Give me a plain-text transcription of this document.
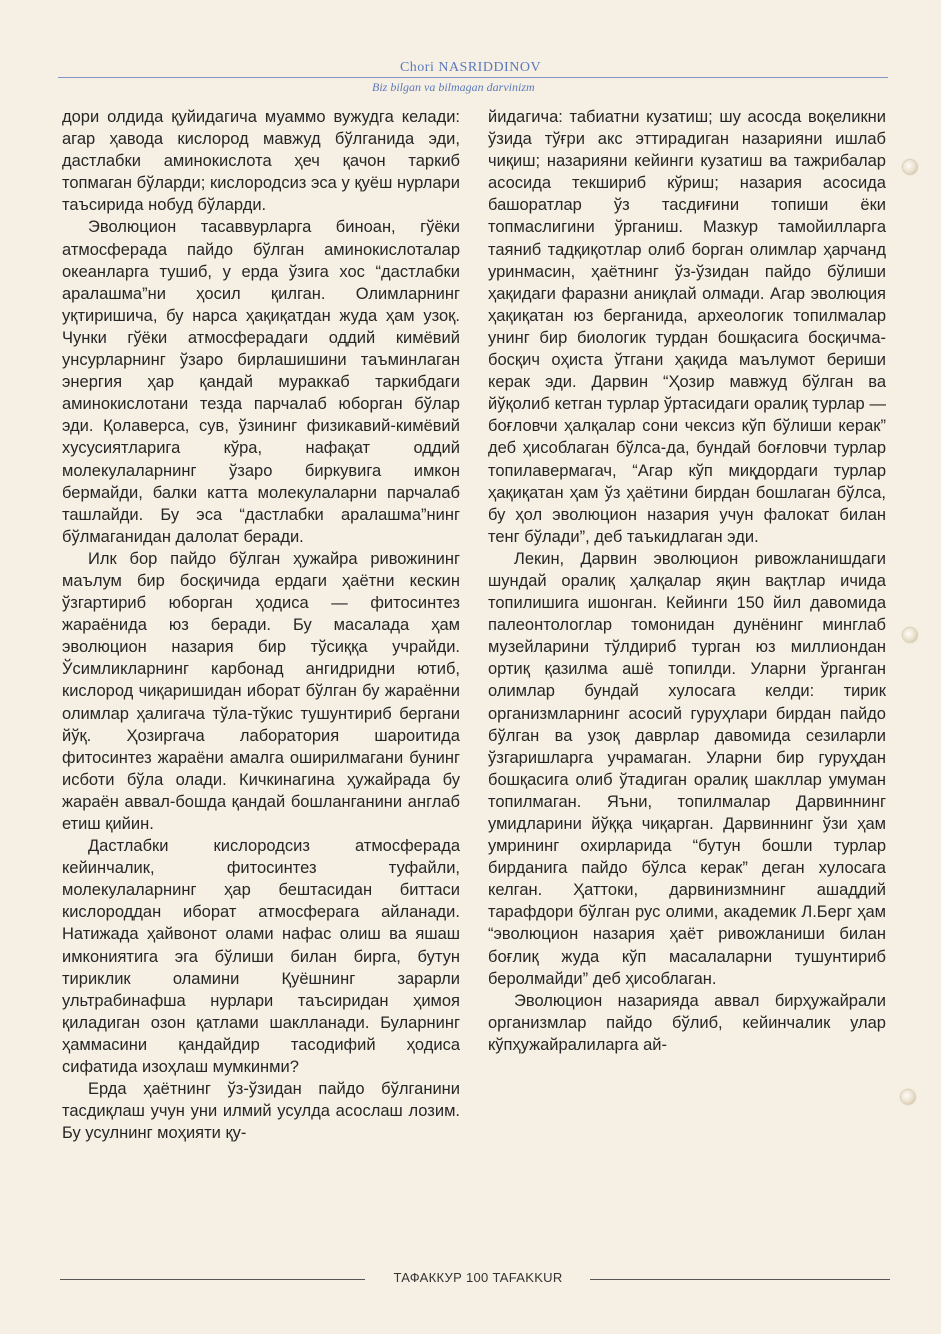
Chori NASRIDDINOV
Biz bilgan va bilmagan darvinizm

дори олдида қуйидагича муаммо вужудга келади: агар ҳавода кислород мавжуд бўлганида эди, дастлабки аминокислота ҳеч қачон таркиб топмаган бўларди; кислородсиз эса у қуёш нурлари таъсирида нобуд бўларди.

Эволюцион тасаввурларга биноан, гўёки атмосферада пайдо бўлган аминокислоталар океанларга тушиб, у ерда ўзига хос “дастлабки аралашма”ни ҳосил қилган. Олимларнинг уқтиришича, бу нарса ҳақиқатдан жуда ҳам узоқ. Чунки гўёки атмосферадаги оддий кимёвий унсурларнинг ўзаро бирлашишини таъминлаган энергия ҳар қандай мураккаб таркибдаги аминокислотани тезда парчалаб юборган бўлар эди. Қолаверса, сув, ўзининг физикавий-кимёвий хусусиятларига кўра, нафақат оддий молекулаларнинг ўзаро биркувига имкон бермайди, балки катта молекулаларни парчалаб ташлайди. Бу эса “дастлабки аралашма”нинг бўлмаганидан далолат беради.

Илк бор пайдо бўлган ҳужайра ривожининг маълум бир босқичида ердаги ҳаётни кескин ўзгартириб юборган ҳодиса — фитосинтез жараёнида юз беради. Бу масалада ҳам эволюцион назария бир тўсиққа учрайди. Ўсимликларнинг карбонад ангидридни ютиб, кислород чиқаришидан иборат бўлган бу жараённи олимлар ҳалигача тўла-тўкис тушунтириб бергани йўқ. Ҳозиргача лаборатория шароитида фитосинтез жараёни амалга оширилмагани бунинг исботи бўла олади. Кичкинагина ҳужайрада бу жараён аввал-бошда қандай бошланганини англаб етиш қийин.

Дастлабки кислородсиз атмосферада кейинчалик, фитосинтез туфайли, молекулаларнинг ҳар бештасидан биттаси кислороддан иборат атмосферага айланади. Натижада ҳайвонот олами нафас олиш ва яшаш имкониятига эга бўлиши билан бирга, бутун тириклик оламини Қуёшнинг зарарли ультрабинафша нурлари таъсиридан ҳимоя қиладиган озон қатлами шаклланади. Буларнинг ҳаммасини қандайдир тасодифий ҳодиса сифатида изоҳлаш мумкинми?

Ерда ҳаётнинг ўз-ўзидан пайдо бўлганини тасдиқлаш учун уни илмий усулда асослаш лозим. Бу усулнинг моҳияти қу-

йидагича: табиатни кузатиш; шу асосда воқеликни ўзида тўғри акс эттирадиган назарияни ишлаб чиқиш; назарияни кейинги кузатиш ва тажрибалар асосида текшириб кўриш; назария асосида башоратлар ўз тасдиғини топиши ёки топмаслигини ўрганиш. Мазкур тамойилларга таяниб тадқиқотлар олиб борган олимлар ҳарчанд уринмасин, ҳаётнинг ўз-ўзидан пайдо бўлиши ҳақидаги фаразни аниқлай олмади. Агар эволюция ҳақиқатан юз берганида, археологик топилмалар унинг бир биологик турдан бошқасига босқичма-босқич оҳиста ўтгани ҳақида маълумот бериши керак эди. Дарвин “Ҳозир мавжуд бўлган ва йўқолиб кетган турлар ўртасидаги оралиқ турлар — боғловчи ҳалқалар сони чексиз кўп бўлиши керак” деб ҳисоблаган бўлса-да, бундай боғловчи турлар топилавермагач, “Агар кўп миқдордаги турлар ҳақиқатан ҳам ўз ҳаётини бирдан бошлаган бўлса, бу ҳол эволюцион назария учун фалокат билан тенг бўлади”, деб таъкидлаган эди.

Лекин, Дарвин эволюцион ривожланишдаги шундай оралиқ ҳалқалар яқин вақтлар ичида топилишига ишонган. Кейинги 150 йил давомида палеонтологлар томонидан дунёнинг минглаб музейларини тўлдириб турган юз миллиондан ортиқ қазилма ашё топилди. Уларни ўрганган олимлар бундай хулосага келди: тирик организмларнинг асосий гуруҳлари бирдан пайдо бўлган ва узоқ даврлар давомида сезиларли ўзгаришларга учрамаган. Уларни бир гуруҳдан бошқасига олиб ўтадиган оралиқ шакллар умуман топилмаган. Яъни, топилмалар Дарвиннинг умидларини йўққа чиқарган. Дарвиннинг ўзи ҳам умрининг охирларида “бутун бошли турлар бирданига пайдо бўлса керак” деган хулосага келган. Ҳаттоки, дарвинизмнинг ашаддий тарафдори бўлган рус олими, академик Л.Берг ҳам “эволюцион назария ҳаёт ривожланиши билан боғлиқ жуда кўп масалаларни тушунтириб беролмайди” деб ҳисоблаган.

Эволюцион назарияда аввал бирҳужайрали организмлар пайдо бўлиб, кейинчалик улар кўпҳужайралиларга ай-

ТАФАККУР 100 TAFAKKUR
